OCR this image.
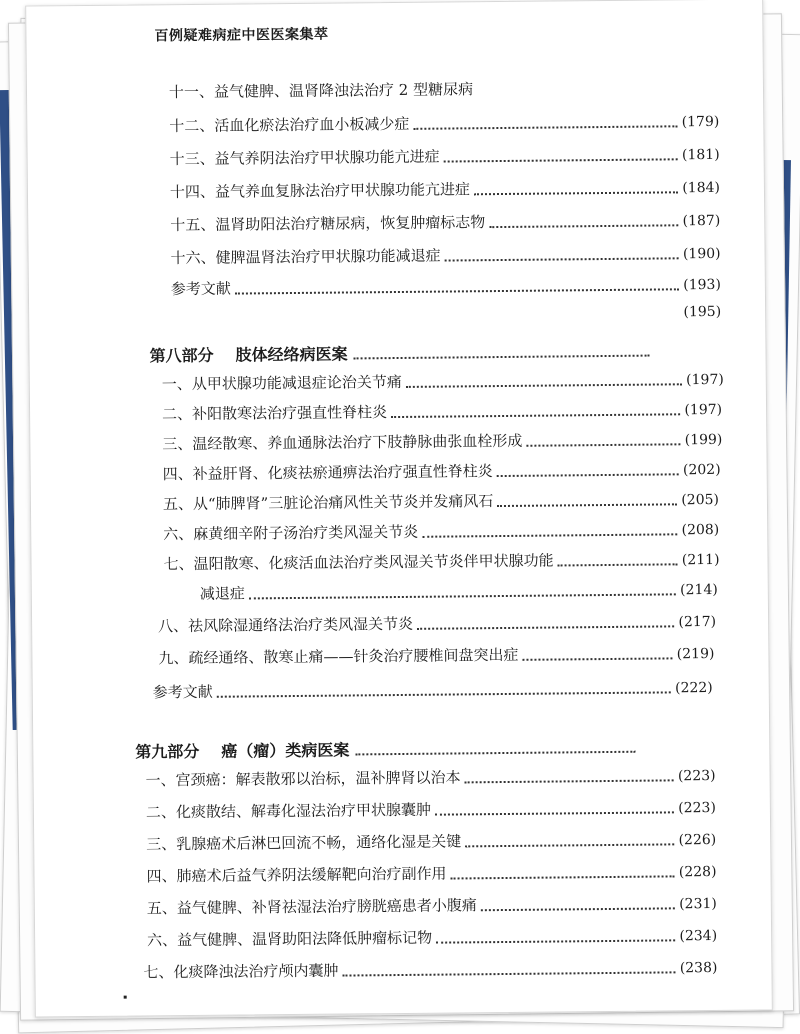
百例疑难病症中医医案集萃
十一、益气健脾、温肾降浊法治疗 2 型糖尿病
十二、活血化瘀法治疗血小板减少症	(179)
十三、益气养阴法治疗甲状腺功能亢进症	(181)
十四、益气养血复脉法治疗甲状腺功能亢进症	(184)
十五、温肾助阳法治疗糖尿病，恢复肿瘤标志物	(187)
十六、健脾温肾法治疗甲状腺功能减退症	(190)
参考文献	(193)
(195)
第八部分 肢体经络病医案
一、从甲状腺功能减退症论治关节痛	(197)
二、补阳散寒法治疗强直性脊柱炎	(197)
三、温经散寒、养血通脉法治疗下肢静脉曲张血栓形成	(199)
四、补益肝肾、化痰祛瘀通痹法治疗强直性脊柱炎	(202)
五、从“肺脾肾”三脏论治痛风性关节炎并发痛风石	(205)
六、麻黄细辛附子汤治疗类风湿关节炎	(208)
七、温阳散寒、化痰活血法治疗类风湿关节炎伴甲状腺功能	(211)
减退症	(214)
八、祛风除湿通络法治疗类风湿关节炎	(217)
九、疏经通络、散寒止痛——针灸治疗腰椎间盘突出症	(219)
参考文献	(222)
第九部分 癌（瘤）类病医案
一、宫颈癌：解表散邪以治标，温补脾肾以治本	(223)
二、化痰散结、解毒化湿法治疗甲状腺囊肿	(223)
三、乳腺癌术后淋巴回流不畅，通络化湿是关键	(226)
四、肺癌术后益气养阴法缓解靶向治疗副作用	(228)
五、益气健脾、补肾祛湿法治疗膀胱癌患者小腹痛	(231)
六、益气健脾、温肾助阳法降低肿瘤标记物	(234)
七、化痰降浊法治疗颅内囊肿	(238)
